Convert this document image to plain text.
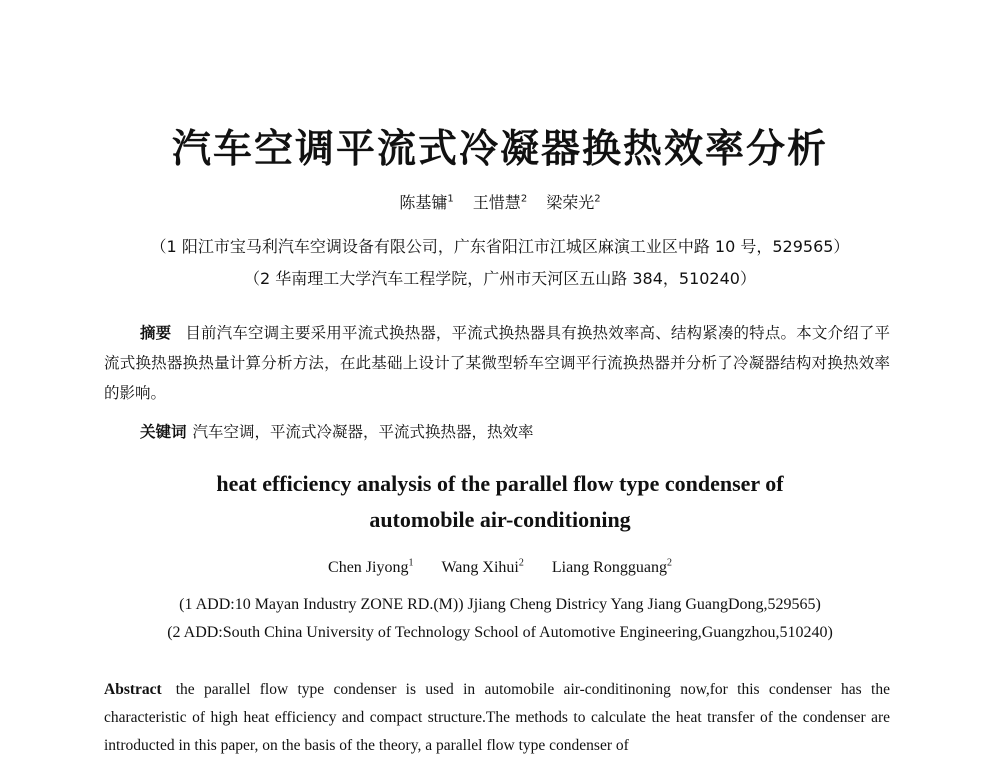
汽车空调平流式冷凝器换热效率分析
陈基镛$^1$ 王惜慧$^2$ 梁荣光$^2$
（1 阳江市宝马利汽车空调设备有限公司，广东省阳江市江城区麻演工业区中路 10 号，529565）
（2 华南理工大学汽车工程学院，广州市天河区五山路 384，510240）
摘要 目前汽车空调主要采用平流式换热器，平流式换热器具有换热效率高、结构紧凑的特点。本文介绍了平流式换热器换热量计算分析方法，在此基础上设计了某微型轿车空调平行流换热器并分析了冷凝器结构对换热效率的影响。
关键词 汽车空调，平流式冷凝器，平流式换热器，热效率
heat efficiency analysis of the parallel flow type condenser of
automobile air-conditioning
Chen Jiyong$^1$ Wang Xihui$^2$ Liang Rongguang$^2$
(1 ADD:10 Mayan Industry ZONE RD.(M)) Jjiang Cheng Districy Yang Jiang GuangDong,529565)
(2 ADD:South China University of Technology School of Automotive Engineering,Guangzhou,510240)
Abstract the parallel flow type condenser is used in automobile air-conditinoning now,for this condenser has the characteristic of high heat efficiency and compact structure.The methods to calculate the heat transfer of the condenser are introducted in this paper, on the basis of the theory, a parallel flow type condenser of
